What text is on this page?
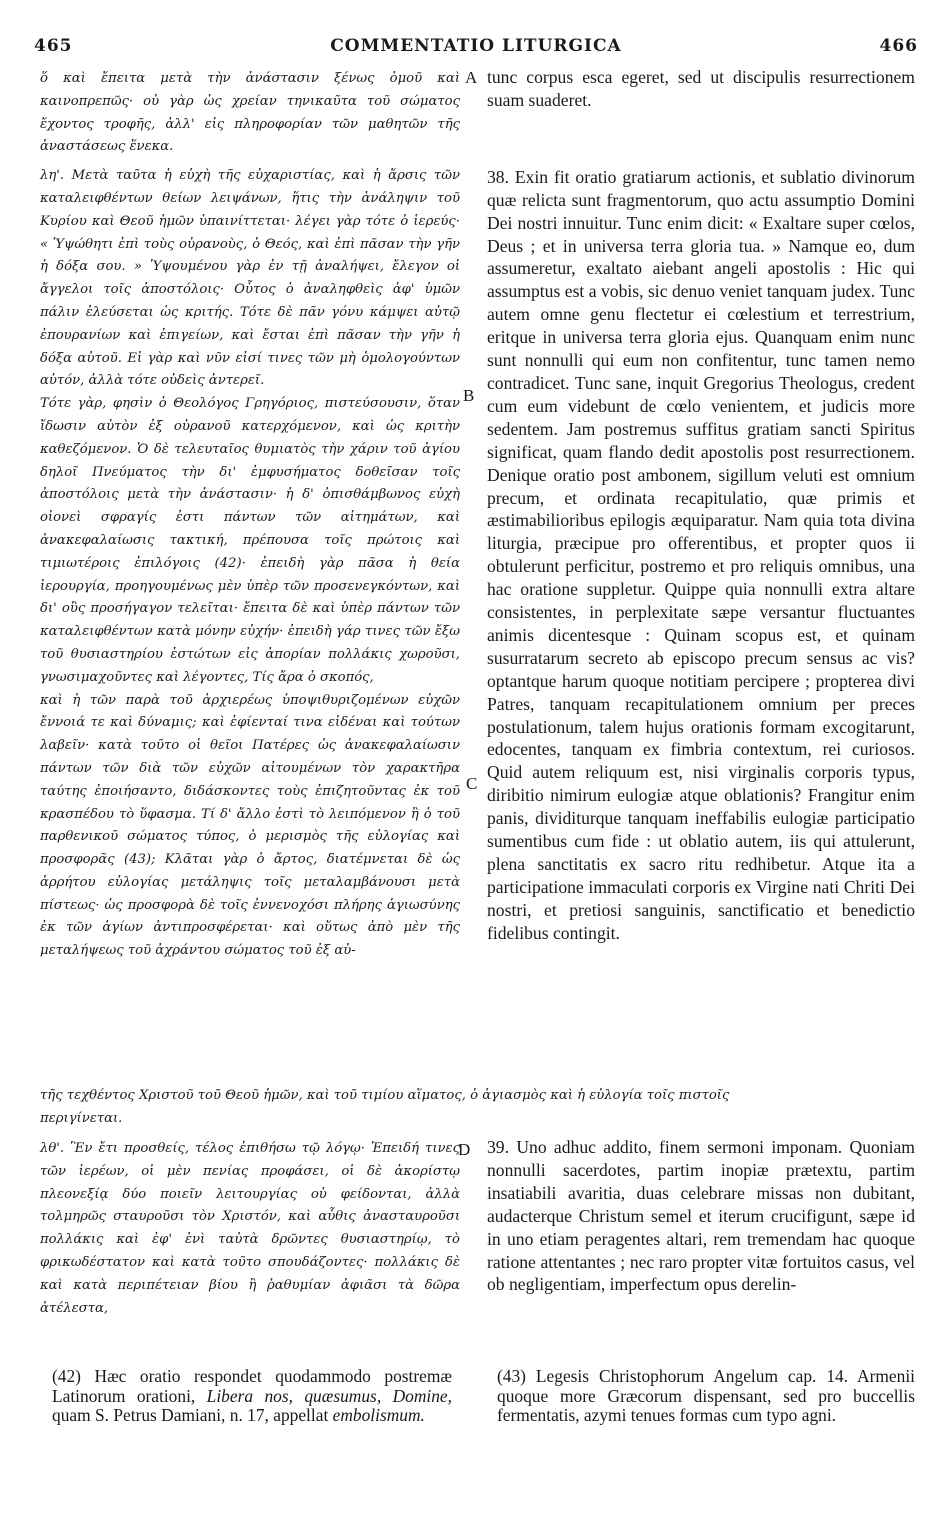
465	COMMENTATIO LITURGICA	466

ὅ καὶ ἔπειτα μετὰ τὴν ἀνάστασιν ξένως ὁμοῦ καὶ καινοπρεπῶς· οὐ γὰρ ὡς χρείαν τηνικαῦτα τοῦ σώματος ἔχοντος τροφῆς, ἀλλ' εἰς πληροφορίαν τῶν μαθητῶν τῆς ἀναστάσεως ἕνεκα.

λη'. Μετὰ ταῦτα ἡ εὐχὴ τῆς εὐχαριστίας, καὶ ἡ ἄρσις τῶν καταλειφθέντων θείων λειψάνων, ἥτις τὴν ἀνάληψιν τοῦ Κυρίου καὶ Θεοῦ ἡμῶν ὑπαινίττεται· λέγει γὰρ τότε ὁ ἱερεύς· « Ὑψώθητι ἐπὶ τοὺς οὐρανοὺς, ὁ Θεός, καὶ ἐπὶ πᾶσαν τὴν γῆν ἡ δόξα σου. » Ὑψουμένου γὰρ ἐν τῇ ἀναλήψει, ἔλεγον οἱ ἄγγελοι τοῖς ἀποστόλοις· Οὗτος ὁ ἀναληφθεὶς ἀφ' ὑμῶν πάλιν ἐλεύσεται ὡς κριτής. Τότε δὲ πᾶν γόνυ κάμψει αὐτῷ ἐπουρανίων καὶ ἐπιγείων, καὶ ἔσται ἐπὶ πᾶσαν τὴν γῆν ἡ δόξα αὐτοῦ. Εἰ γὰρ καὶ νῦν εἰσί τινες τῶν μὴ ὁμολογούντων αὐτόν, ἀλλὰ τότε οὐδεὶς ἀντερεῖ.

Τότε γὰρ, φησὶν ὁ Θεολόγος Γρηγόριος, πιστεύσουσιν, ὅταν ἴδωσιν αὐτὸν ἐξ οὐρανοῦ κατερχόμενον, καὶ ὡς κριτὴν καθεζόμενον. Ὁ δὲ τελευταῖος θυμιατὸς τὴν χάριν τοῦ ἁγίου δηλοῖ Πνεύματος τὴν δι' ἐμφυσήματος δοθεῖσαν τοῖς ἀποστόλοις μετὰ τὴν ἀνάστασιν· ἡ δ' ὀπισθάμβωνος εὐχὴ οἱονεὶ σφραγίς ἐστι πάντων τῶν αἰτημάτων, καὶ ἀνακεφαλαίωσις τακτική, πρέπουσα τοῖς πρώτοις καὶ τιμιωτέροις ἐπιλόγοις (42)· ἐπειδὴ γὰρ πᾶσα ἡ θεία ἱερουργία, προηγουμένως μὲν ὑπὲρ τῶν προσενεγκόντων, καὶ δι' οὓς προσήγαγον τελεῖται· ἔπειτα δὲ καὶ ὑπὲρ πάντων τῶν καταλειφθέντων κατὰ μόνην εὐχήν· ἐπειδὴ γάρ τινες τῶν ἔξω τοῦ θυσιαστηρίου ἑστώτων εἰς ἀπορίαν πολλάκις χωροῦσι, γνωσιμαχοῦντες καὶ λέγοντες, Τίς ἄρα ὁ σκοπός,

καὶ ἡ τῶν παρὰ τοῦ ἀρχιερέως ὑποψιθυριζομένων εὐχῶν ἔννοιά τε καὶ δύναμις; καὶ ἐφίενταί τινα εἰδέναι καὶ τούτων λαβεῖν· κατὰ τοῦτο οἱ θεῖοι Πατέρες ὡς ἀνακεφαλαίωσιν πάντων τῶν διὰ τῶν εὐχῶν αἰτουμένων τὸν χαρακτῆρα ταύτης ἐποιήσαντο, διδάσκοντες τοὺς ἐπιζητοῦντας ἐκ τοῦ κρασπέδου τὸ ὕφασμα. Τί δ' ἄλλο ἐστὶ τὸ λειπόμενον ἢ ὁ τοῦ παρθενικοῦ σώματος τύπος, ὁ μερισμὸς τῆς εὐλογίας καὶ προσφορᾶς (43); Κλᾶται γὰρ ὁ ἄρτος, διατέμνεται δὲ ὡς ἀρρήτου εὐλογίας μετάληψις τοῖς μεταλαμβάνουσι μετὰ πίστεως· ὡς προσφορὰ δὲ τοῖς ἐννενοχόσι πλήρης ἁγιωσύνης ἐκ τῶν ἁγίων ἀντιπροσφέρεται· καὶ οὕτως ἀπὸ μὲν τῆς μεταλήψεως τοῦ ἀχράντου σώματος τοῦ ἐξ αὐ-

tunc corpus esca egeret, sed ut discipulis resurrectionem suam suaderet.

38. Exin fit oratio gratiarum actionis, et sublatio divinorum quæ relicta sunt fragmentorum, quo actu assumptio Domini Dei nostri innuitur. Tunc enim dicit: « Exaltare super cœlos, Deus ; et in universa terra gloria tua. » Namque eo, dum assumeretur, exaltato aiebant angeli apostolis : Hic qui assumptus est a vobis, sic denuo veniet tanquam judex. Tunc autem omne genu flectetur ei cœlestium et terrestrium, eritque in universa terra gloria ejus. Quanquam enim nunc sunt nonnulli qui eum non confitentur, tunc tamen nemo contradicet. Tunc sane, inquit Gregorius Theologus, credent cum eum videbunt de cœlo venientem, et judicis more sedentem. Jam postremus suffitus gratiam sancti Spiritus significat, quam flando dedit apostolis post resurrectionem. Denique oratio post ambonem, sigillum veluti est omnium precum, et ordinata recapitulatio, quæ primis et æstimabilioribus epilogis æquiparatur. Nam quia tota divina liturgia, præcipue pro offerentibus, et propter quos ii obtulerunt perficitur, postremo et pro reliquis omnibus, una hac oratione suppletur. Quippe quia nonnulli extra altare consistentes, in perplexitate sæpe versantur fluctuantes animis dicentesque : Quinam scopus est, et quinam susurratarum secreto ab episcopo precum sensus ac vis? optantque harum quoque notitiam percipere ; propterea divi Patres, tanquam recapitulationem omnium per preces postulationum, talem hujus orationis formam excogitarunt, edocentes, tanquam ex fimbria contextum, rei curiosos. Quid autem reliquum est, nisi virginalis corporis typus, diribitio nimirum eulogiæ atque oblationis? Frangitur enim panis, dividiturque tanquam ineffabilis eulogiæ participatio sumentibus cum fide : ut oblatio autem, iis qui attulerunt, plena sanctitatis ex sacro ritu redhibetur. Atque ita a participatione immaculati corporis ex Virgine nati Chriti Dei nostri, et pretiosi sanguinis, sanctificatio et benedictio fidelibus contingit.

A
B
C
D
τῆς τεχθέντος Χριστοῦ τοῦ Θεοῦ ἡμῶν, καὶ τοῦ τιμίου αἵματος, ὁ ἁγιασμὸς καὶ ἡ εὐλογία τοῖς πιστοῖς
περιγίνεται.

λθ'. Ἓν ἔτι προσθείς, τέλος ἐπιθήσω τῷ λόγῳ· Ἐπειδή τινες τῶν ἱερέων, οἱ μὲν πενίας προφάσει, οἱ δὲ ἀκορίστῳ πλεονεξίᾳ δύο ποιεῖν λειτουργίας οὐ φείδονται, ἀλλὰ τολμηρῶς σταυροῦσι τὸν Χριστόν, καὶ αὖθις ἀνασταυροῦσι πολλάκις καὶ ἐφ' ἑνὶ ταὐτὰ δρῶντες θυσιαστηρίῳ, τὸ φρικωδέστατον καὶ κατὰ τοῦτο σπουδάζοντες· πολλάκις δὲ καὶ κατὰ περιπέτειαν βίου ἢ ῥαθυμίαν ἀφιᾶσι τὰ δῶρα ἀτέλεστα,

39. Uno adhuc addito, finem sermoni imponam. Quoniam nonnulli sacerdotes, partim inopiæ prætextu, partim insatiabili avaritia, duas celebrare missas non dubitant, audacterque Christum semel et iterum crucifigunt, sæpe id in uno etiam peragentes altari, rem tremendam hac quoque ratione attentantes ; nec raro propter vitæ fortuitos casus, vel ob negligentiam, imperfectum opus derelin-

(42) Hæc oratio respondet quodammodo postremæ Latinorum orationi, Libera nos, quæsumus, Domine, quam S. Petrus Damiani, n. 17, appellat embolismum.
(43) Legesis Christophorum Angelum cap. 14. Armenii quoque more Græcorum dispensant, sed pro buccellis fermentatis, azymi tenues formas cum typo agni.
